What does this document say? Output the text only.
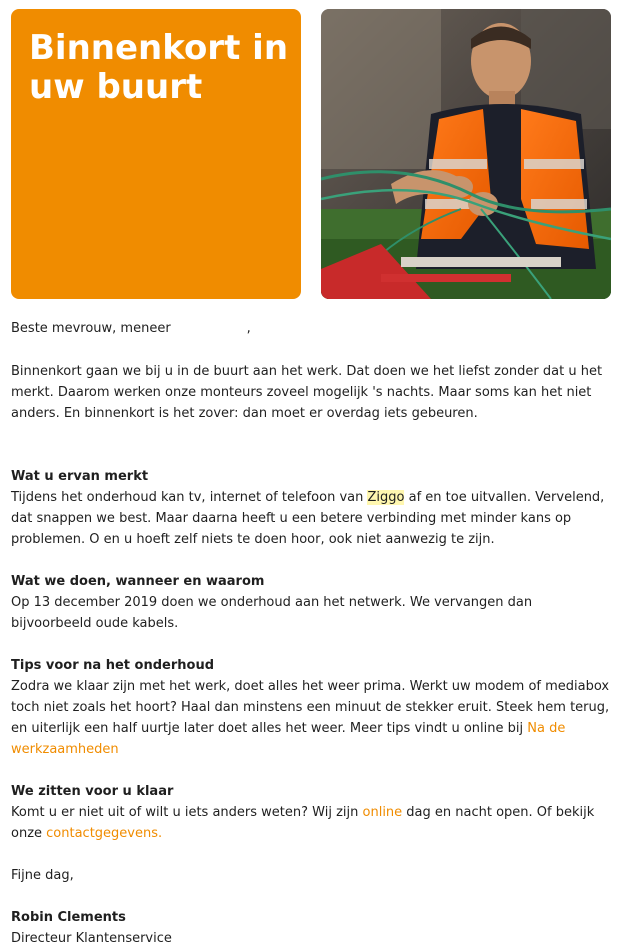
Binnenkort in uw buurt

Beste mevrouw, meneer	,

Binnenkort gaan we bij u in de buurt aan het werk. Dat doen we het liefst zonder dat u het merkt. Daarom werken onze monteurs zoveel mogelijk 's nachts. Maar soms kan het niet anders. En binnenkort is het zover: dan moet er overdag iets gebeuren.

Wat u ervan merkt

Tijdens het onderhoud kan tv, internet of telefoon van Ziggo af en toe uitvallen. Vervelend, dat snappen we best. Maar daarna heeft u een betere verbinding met minder kans op problemen. O en u hoeft zelf niets te doen hoor, ook niet aanwezig te zijn.

Wat we doen, wanneer en waarom

Op 13 december 2019 doen we onderhoud aan het netwerk. We vervangen dan bijvoorbeeld oude kabels.

Tips voor na het onderhoud

Zodra we klaar zijn met het werk, doet alles het weer prima. Werkt uw modem of mediabox toch niet zoals het hoort? Haal dan minstens een minuut de stekker eruit. Steek hem terug, en uiterlijk een half uurtje later doet alles het weer. Meer tips vindt u online bij Na de werkzaamheden

We zitten voor u klaar

Komt u er niet uit of wilt u iets anders weten? Wij zijn online dag en nacht open. Of bekijk onze contactgegevens.

Fijne dag,

Robin Clements

Directeur Klantenservice
